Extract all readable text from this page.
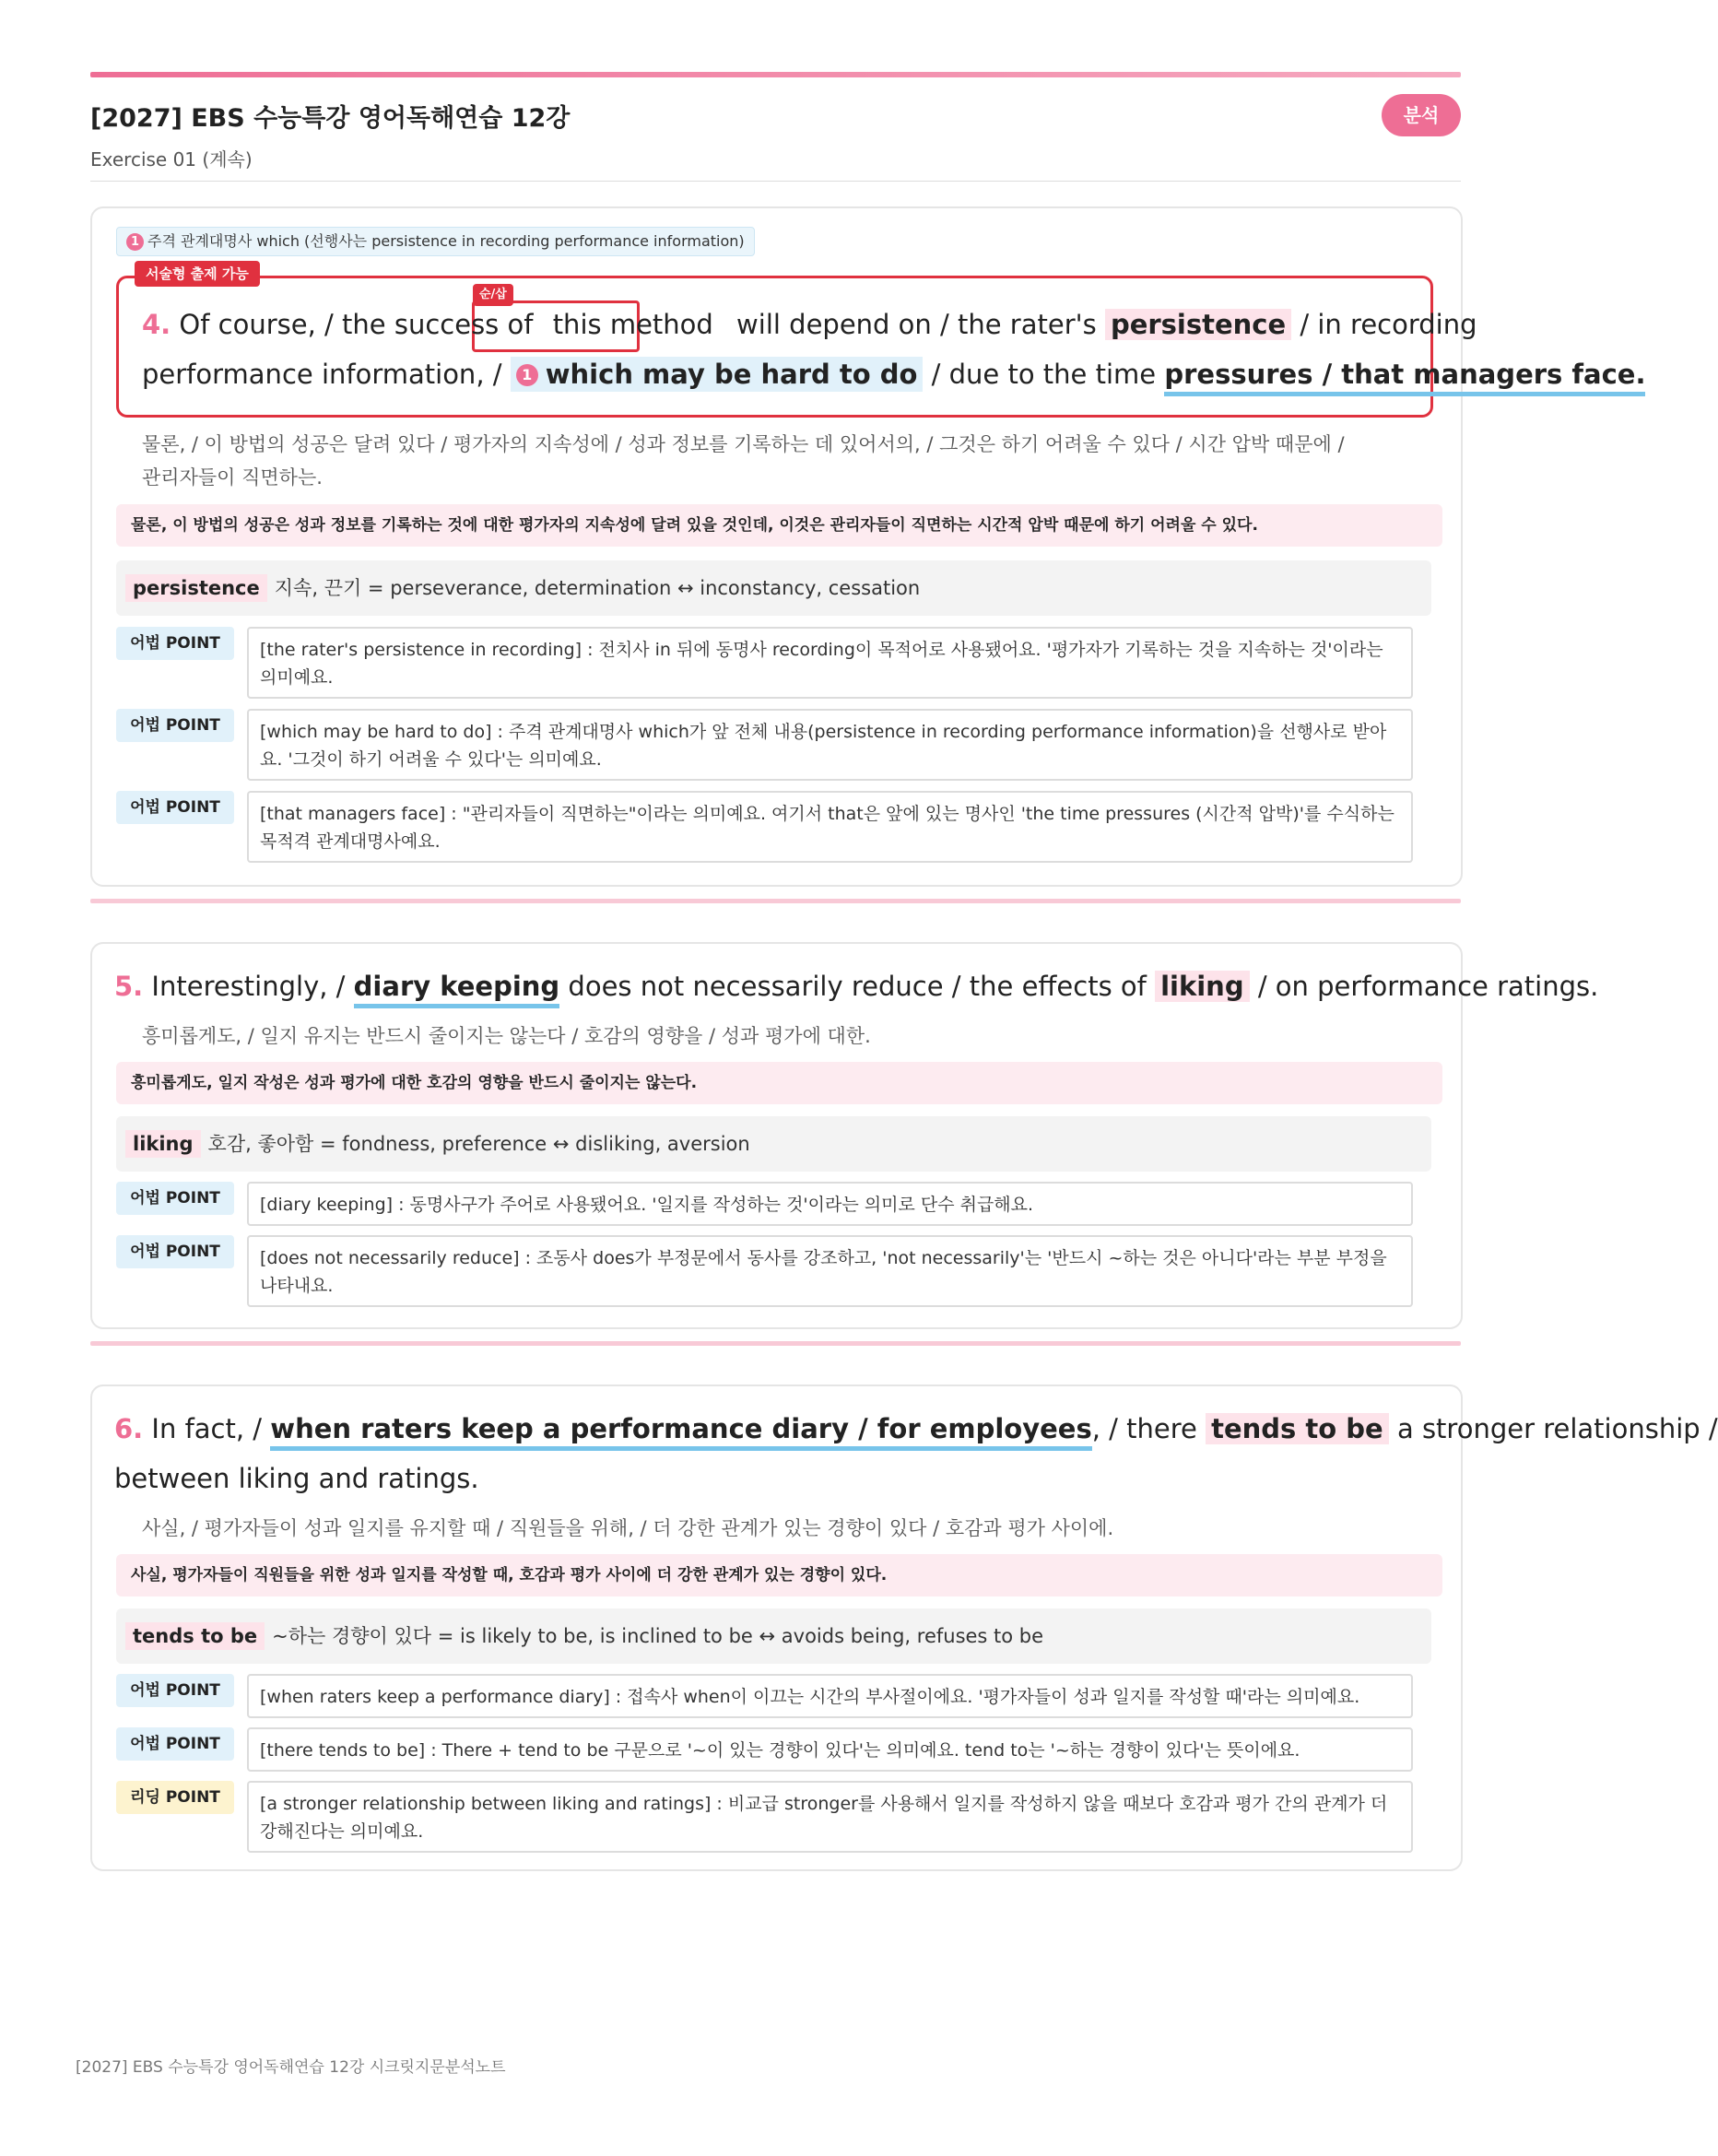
[2027] EBS 수능특강 영어독해연습 12강
Exercise 01 (계속)
분석
1 주격 관계대명사 which (선행사는 persistence in recording performance information)
서술형 출제 가능
순/삽
4. Of course, / the success of this method will depend on / the rater's persistence / in recording
performance information, / 1 which may be hard to do / due to the time pressures / that managers face.
물론, / 이 방법의 성공은 달려 있다 / 평가자의 지속성에 / 성과 정보를 기록하는 데 있어서의, / 그것은 하기 어려울 수 있다 / 시간 압박 때문에 /
관리자들이 직면하는.
물론, 이 방법의 성공은 성과 정보를 기록하는 것에 대한 평가자의 지속성에 달려 있을 것인데, 이것은 관리자들이 직면하는 시간적 압박 때문에 하기 어려울 수 있다.
persistence 지속, 끈기 = perseverance, determination ↔ inconstancy, cessation
어법 POINT	[the rater's persistence in recording] : 전치사 in 뒤에 동명사 recording이 목적어로 사용됐어요. '평가자가 기록하는 것을 지속하는 것'이라는 의미예요.
어법 POINT	[which may be hard to do] : 주격 관계대명사 which가 앞 전체 내용(persistence in recording performance information)을 선행사로 받아요. '그것이 하기 어려울 수 있다'는 의미예요.
어법 POINT	[that managers face] : "관리자들이 직면하는"이라는 의미예요. 여기서 that은 앞에 있는 명사인 'the time pressures (시간적 압박)'를 수식하는 목적격 관계대명사예요.
5. Interestingly, / diary keeping does not necessarily reduce / the effects of liking / on performance ratings.
흥미롭게도, / 일지 유지는 반드시 줄이지는 않는다 / 호감의 영향을 / 성과 평가에 대한.
흥미롭게도, 일지 작성은 성과 평가에 대한 호감의 영향을 반드시 줄이지는 않는다.
liking 호감, 좋아함 = fondness, preference ↔ disliking, aversion
어법 POINT	[diary keeping] : 동명사구가 주어로 사용됐어요. '일지를 작성하는 것'이라는 의미로 단수 취급해요.
어법 POINT	[does not necessarily reduce] : 조동사 does가 부정문에서 동사를 강조하고, 'not necessarily'는 '반드시 ~하는 것은 아니다'라는 부분 부정을 나타내요.
6. In fact, / when raters keep a performance diary / for employees, / there tends to be a stronger relationship /
between liking and ratings.
사실, / 평가자들이 성과 일지를 유지할 때 / 직원들을 위해, / 더 강한 관계가 있는 경향이 있다 / 호감과 평가 사이에.
사실, 평가자들이 직원들을 위한 성과 일지를 작성할 때, 호감과 평가 사이에 더 강한 관계가 있는 경향이 있다.
tends to be ~하는 경향이 있다 = is likely to be, is inclined to be ↔ avoids being, refuses to be
어법 POINT	[when raters keep a performance diary] : 접속사 when이 이끄는 시간의 부사절이에요. '평가자들이 성과 일지를 작성할 때'라는 의미예요.
어법 POINT	[there tends to be] : There + tend to be 구문으로 '~이 있는 경향이 있다'는 의미예요. tend to는 '~하는 경향이 있다'는 뜻이에요.
리딩 POINT	[a stronger relationship between liking and ratings] : 비교급 stronger를 사용해서 일지를 작성하지 않을 때보다 호감과 평가 간의 관계가 더 강해진다는 의미예요.
[2027] EBS 수능특강 영어독해연습 12강 시크릿지문분석노트
